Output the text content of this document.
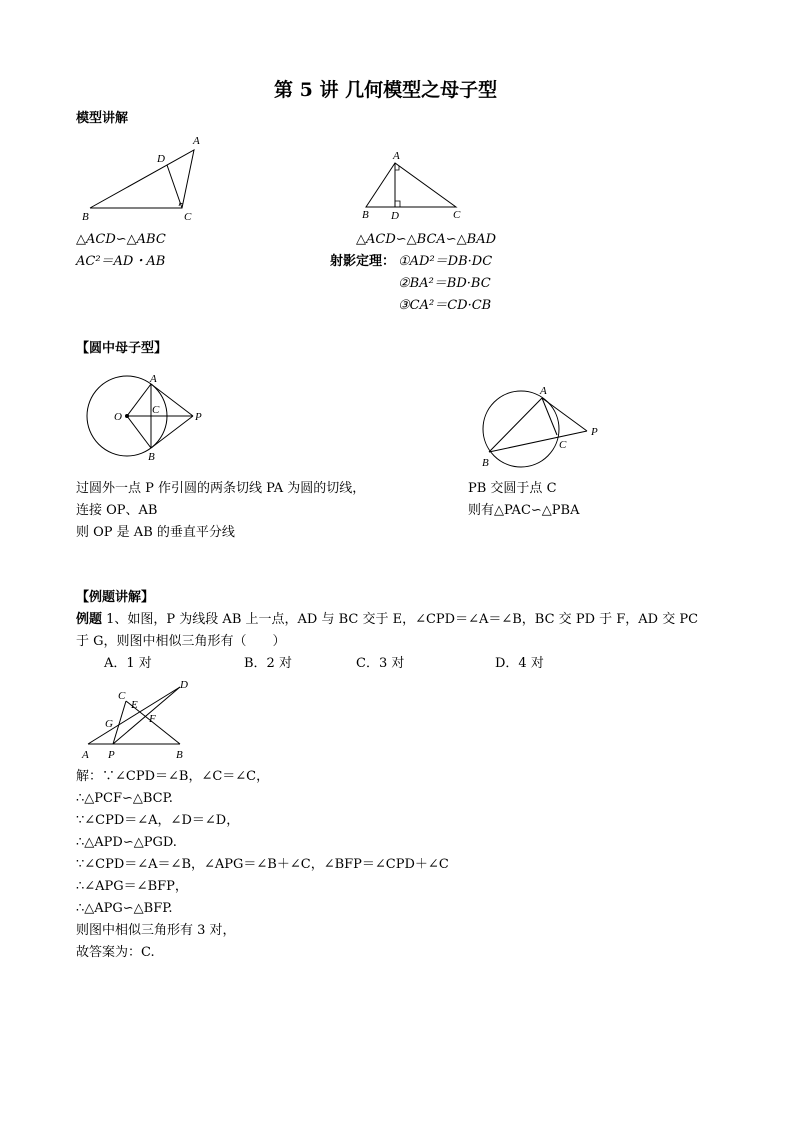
第 5 讲 几何模型之母子型
模型讲解
A
D
B	C
△ACD∽△ABC
AC²＝AD・AB
A
B D	C
△ACD∽△BCA∽△BAD
射影定理： ①AD²＝DB·DC
②BA²＝BD·BC
③CA²＝CD·CB
【圆中母子型】
O
A
C
B
P
过圆外一点 P 作引圆的两条切线 PA 为圆的切线，
连接 OP、AB
则 OP 是 AB 的垂直平分线
A
C
P
B
PB 交圆于点 C
则有△PAC∽△PBA
【例题讲解】
例题 1、如图，P 为线段 AB 上一点，AD 与 BC 交于 E，∠CPD＝∠A＝∠B，BC 交 PD 于 F，AD 交 PC
于 G，则图中相似三角形有（　　）
A．1 对	B．2 对	C．3 对	D．4 对
D
C
E
G	F
A P	B
解：∵∠CPD＝∠B，∠C＝∠C，
∴△PCF∽△BCP.
∵∠CPD＝∠A，∠D＝∠D，
∴△APD∽△PGD.
∵∠CPD＝∠A＝∠B，∠APG＝∠B＋∠C，∠BFP＝∠CPD＋∠C
∴∠APG＝∠BFP，
∴△APG∽△BFP.
则图中相似三角形有 3 对，
故答案为：C.
